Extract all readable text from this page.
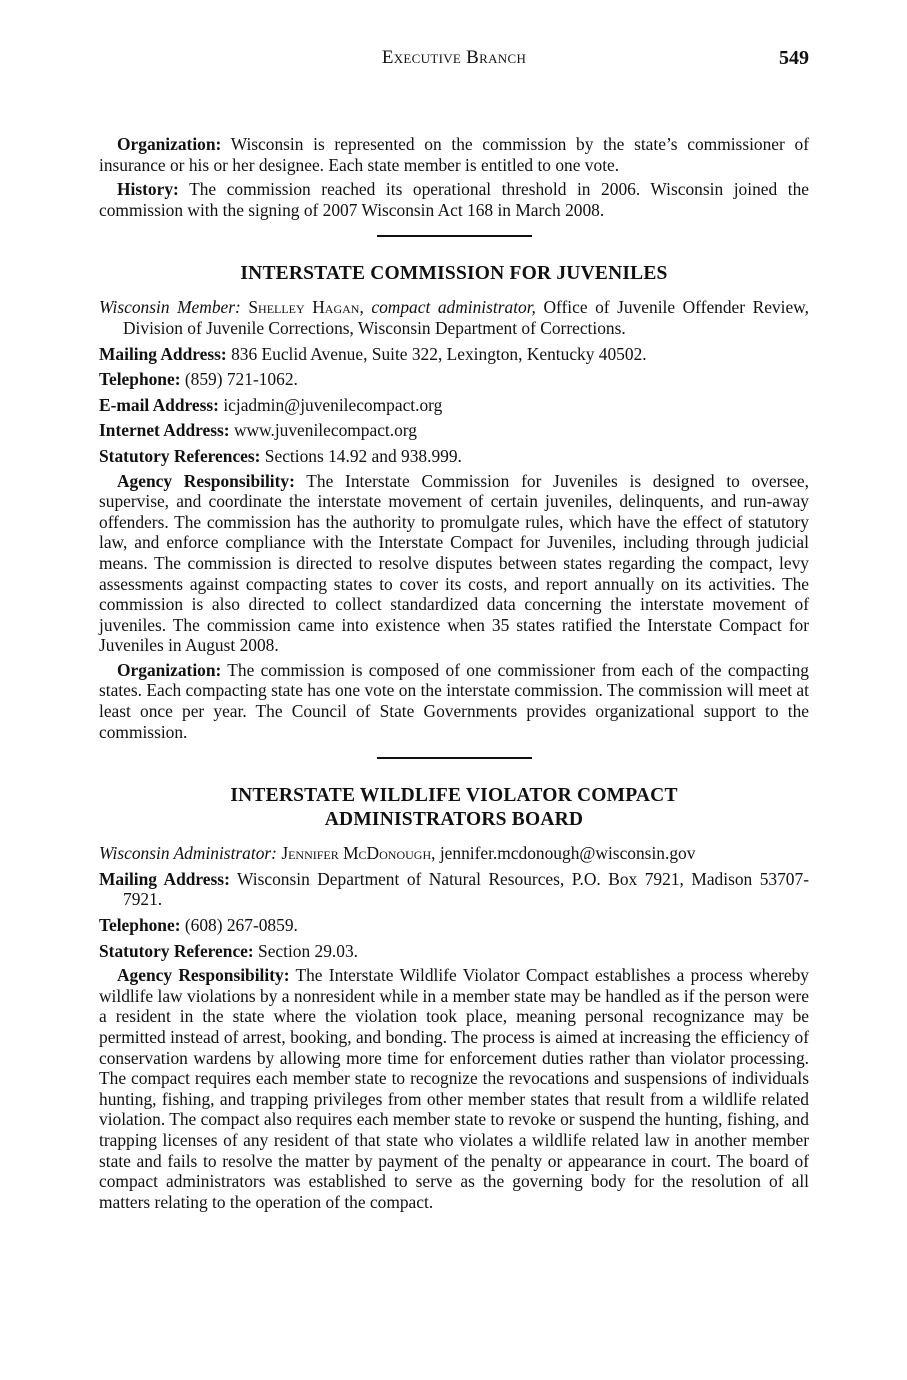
Executive Branch	549

Organization: Wisconsin is represented on the commission by the state’s commissioner of insurance or his or her designee. Each state member is entitled to one vote.

History: The commission reached its operational threshold in 2006. Wisconsin joined the commission with the signing of 2007 Wisconsin Act 168 in March 2008.

INTERSTATE COMMISSION FOR JUVENILES

Wisconsin Member: Shelley Hagan, compact administrator, Office of Juvenile Offender Review, Division of Juvenile Corrections, Wisconsin Department of Corrections.

Mailing Address: 836 Euclid Avenue, Suite 322, Lexington, Kentucky 40502.

Telephone: (859) 721-1062.

E-mail Address: icjadmin@juvenilecompact.org

Internet Address: www.juvenilecompact.org

Statutory References: Sections 14.92 and 938.999.

Agency Responsibility: The Interstate Commission for Juveniles is designed to oversee, supervise, and coordinate the interstate movement of certain juveniles, delinquents, and run-away offenders. The commission has the authority to promulgate rules, which have the effect of statutory law, and enforce compliance with the Interstate Compact for Juveniles, including through judicial means. The commission is directed to resolve disputes between states regarding the compact, levy assessments against compacting states to cover its costs, and report annually on its activities. The commission is also directed to collect standardized data concerning the interstate movement of juveniles. The commission came into existence when 35 states ratified the Interstate Compact for Juveniles in August 2008.

Organization: The commission is composed of one commissioner from each of the compacting states. Each compacting state has one vote on the interstate commission. The commission will meet at least once per year. The Council of State Governments provides organizational support to the commission.

INTERSTATE WILDLIFE VIOLATOR COMPACT
ADMINISTRATORS BOARD

Wisconsin Administrator: Jennifer McDonough, jennifer.mcdonough@wisconsin.gov

Mailing Address: Wisconsin Department of Natural Resources, P.O. Box 7921, Madison 53707-7921.

Telephone: (608) 267-0859.

Statutory Reference: Section 29.03.

Agency Responsibility: The Interstate Wildlife Violator Compact establishes a process whereby wildlife law violations by a nonresident while in a member state may be handled as if the person were a resident in the state where the violation took place, meaning personal recognizance may be permitted instead of arrest, booking, and bonding. The process is aimed at increasing the efficiency of conservation wardens by allowing more time for enforcement duties rather than violator processing. The compact requires each member state to recognize the revocations and suspensions of individuals hunting, fishing, and trapping privileges from other member states that result from a wildlife related violation. The compact also requires each member state to revoke or suspend the hunting, fishing, and trapping licenses of any resident of that state who violates a wildlife related law in another member state and fails to resolve the matter by payment of the penalty or appearance in court. The board of compact administrators was established to serve as the governing body for the resolution of all matters relating to the operation of the compact.
